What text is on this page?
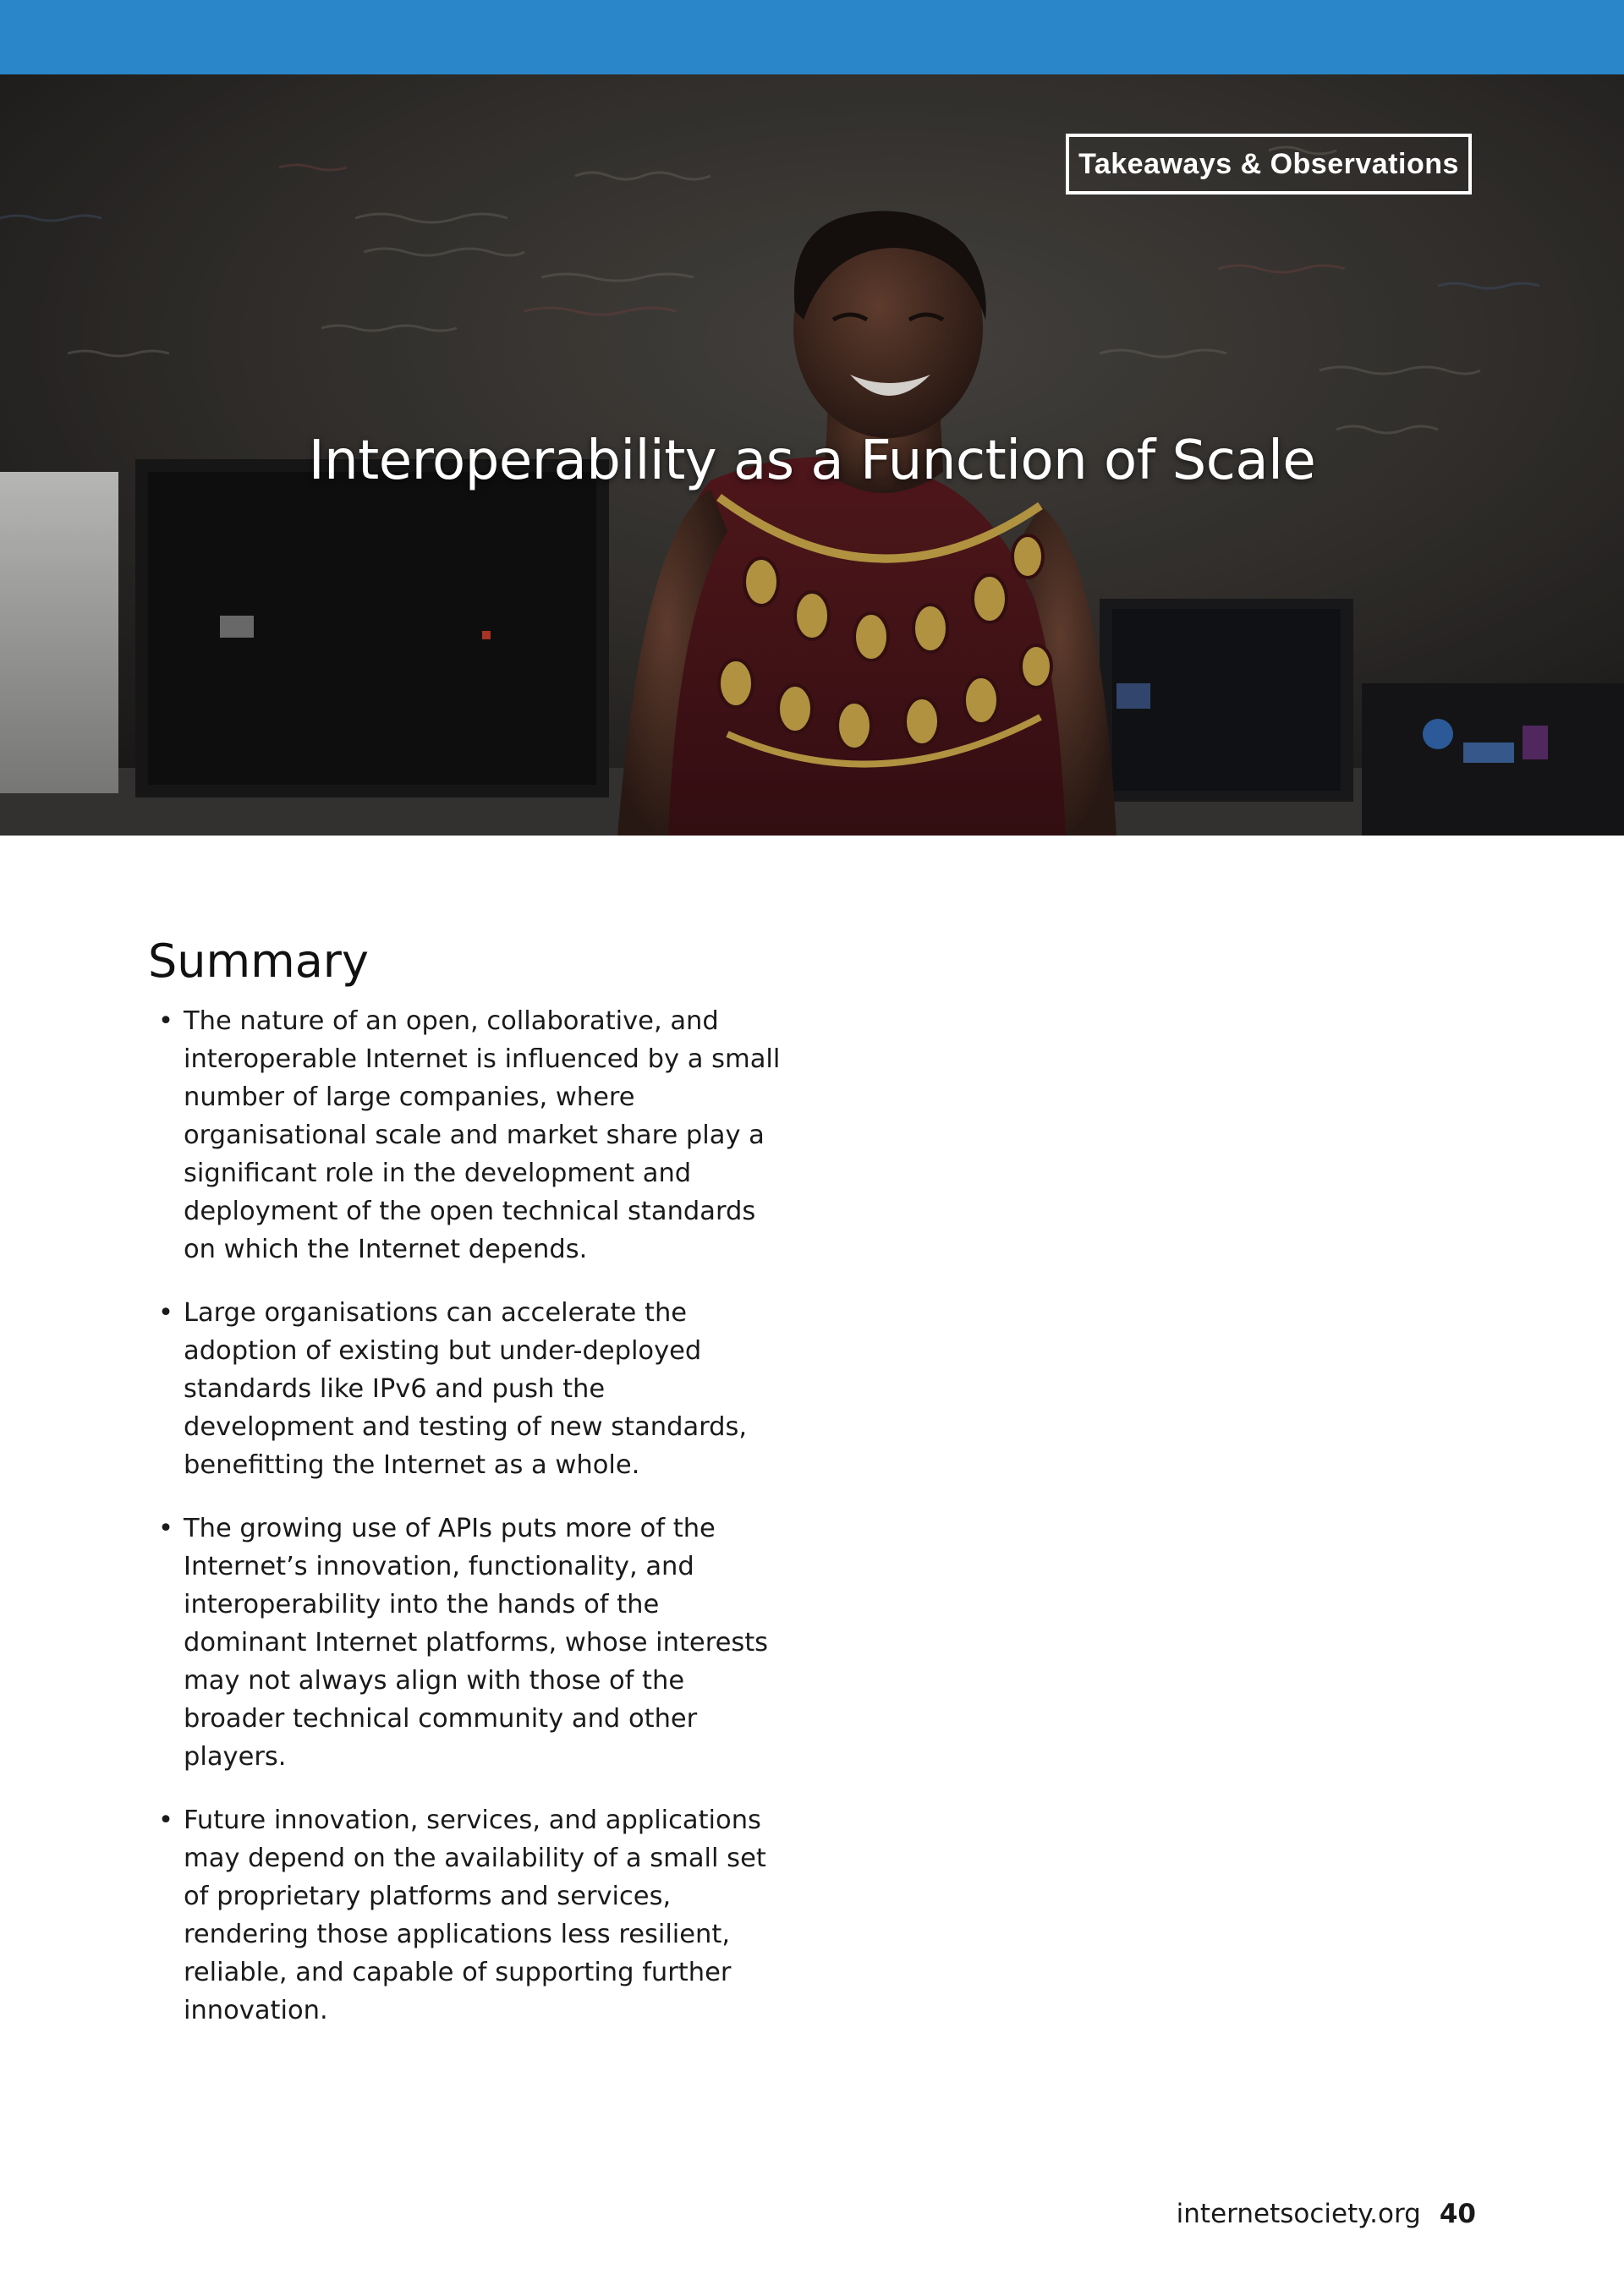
Takeaways & Observations
Interoperability as a Function of Scale
Summary
• The nature of an open, collaborative, and interoperable Internet is influenced by a small number of large companies, where organisational scale and market share play a significant role in the development and deployment of the open technical standards on which the Internet depends.
• Large organisations can accelerate the adoption of existing but under-deployed standards like IPv6 and push the development and testing of new standards, benefitting the Internet as a whole.
• The growing use of APIs puts more of the Internet’s innovation, functionality, and interoperability into the hands of the dominant Internet platforms, whose interests may not always align with those of the broader technical community and other players.
• Future innovation, services, and applications may depend on the availability of a small set of proprietary platforms and services, rendering those applications less resilient, reliable, and capable of supporting further innovation.
internetsociety.org 40
